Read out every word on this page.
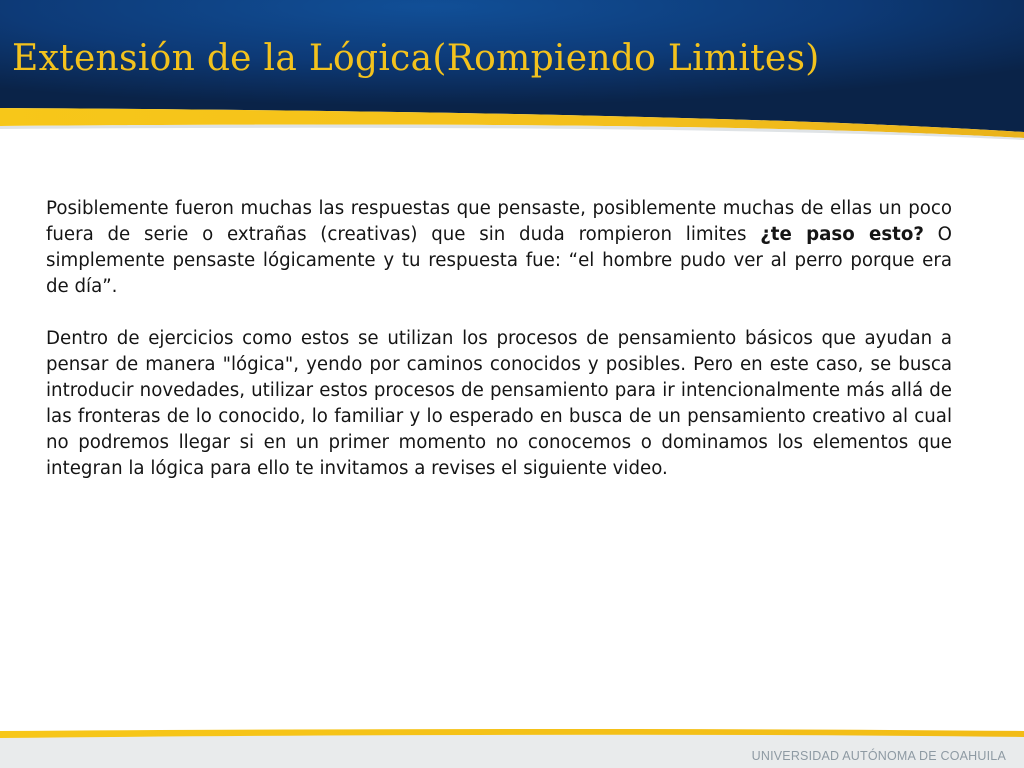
Extensión de la Lógica(Rompiendo Limites)

Posiblemente fueron muchas las respuestas que pensaste, posiblemente muchas de ellas un poco fuera de serie o extrañas (creativas) que sin duda rompieron limites ¿te paso esto? O simplemente pensaste lógicamente y tu respuesta fue: “el hombre pudo ver al perro porque era de día”.

Dentro de ejercicios como estos se utilizan los procesos de pensamiento básicos que ayudan a pensar de manera "lógica", yendo por caminos conocidos y posibles. Pero en este caso, se busca introducir novedades, utilizar estos procesos de pensamiento para ir intencionalmente más allá de las fronteras de lo conocido, lo familiar y lo esperado en busca de un pensamiento creativo al cual no podremos llegar si en un primer momento no conocemos o dominamos los elementos que integran la lógica para ello te invitamos a revises el siguiente video.

UNIVERSIDAD AUTÓNOMA DE COAHUILA
